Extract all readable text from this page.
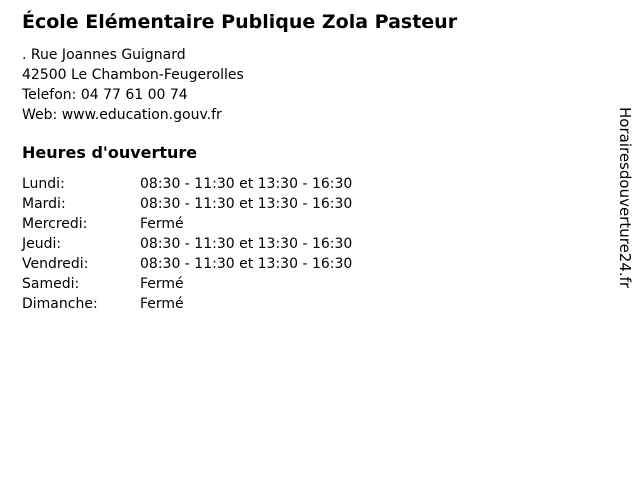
École Elémentaire Publique Zola Pasteur
. Rue Joannes Guignard
42500 Le Chambon-Feugerolles
Telefon: 04 77 61 00 74
Web: www.education.gouv.fr
Heures d'ouverture
Lundi:	08:30 - 11:30 et 13:30 - 16:30
Mardi:	08:30 - 11:30 et 13:30 - 16:30
Mercredi:	Fermé
Jeudi:	08:30 - 11:30 et 13:30 - 16:30
Vendredi:	08:30 - 11:30 et 13:30 - 16:30
Samedi:	Fermé
Dimanche:	Fermé
Horairesdouverture24.fr
